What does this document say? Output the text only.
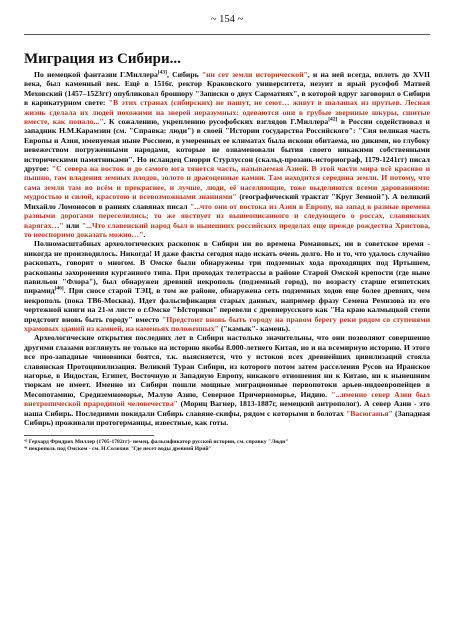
~ 154 ~
Миграция из Сибири...

По немецкой фантазии Г.Миллера[43], Сибирь "ни сет земли исторической", и на ней всегда, вплоть до XVII века, был каменный век. Ещё в 1516г. ректор Краковского университета, иезуит и ярый русофоб Матвей Меховский (1457–1523гг) опубликовал брошюру "Записки о двух Сарматиях", в которой вдруг заговорил о Сибири в карикатурном свете: "В этих странах (сибирских) не пашут, не сеют… живут в шалашах из прутьев. Лесная жизнь сделала их людей похожими на зверей неразумных: одеваются они в грубые звериные шкуры, сшитые вместе, как попало...". К сожалению, укреплению русофобских взглядов Г.Миллера[42] в России содействовал и западник Н.М.Карамзин (см. "Справка: люди") в своей "Истории государства Российского": "Сия великая часть Европы и Азии, именуемая ныне Россиею, в умеренных ее климатах была искони обитаема, но дикими, но глубоку невежеством погруженными народами, которые не ознаменовали бытия своего никакими собственными историческими памятниками". Но исландец Снорри Стурлуссон (скальд-прозаик-историограф, 1179-1241гг) писал другое: "С севера на восток и до самого юга тянется часть, называемая Азией. В этой части мира всё красиво и пышно, там владения земных плодов, золото и драгоценные камни. Там находится середина земли. И потому, что сама земля там во всём и прекраснее, и лучше, люди, её населяющие, тоже выделяются всеми дарованиями: мудростью и силой, красотою и всевозможными знаниями" (географический трактат "Круг Земной"). А великий Михайло Ломоносов в раннях славянах писал "...что они от востока из Азии в Европу, на запад в разные времена разными дорогами переселились; то же явствует из вышеописанного и следующего о россах, славянских варягах…" или "...Что славенский народ был в нынешних российских пределах еще прежде рождества Христова, то неоспоримо доказать можно…".

Полномасштабных археологических раскопок в Сибири ни во времена Романовых, ни в советское время - никогда не производилось. Никогда! И даже факты сегодня надо искать очень долго. Но и то, что удалось случайно раскопать, говорит о многом. В Омске были обнаружены три подземных хода проходящих под Иртышем, раскопаны захоронения курганного типа. При проходах телетрассы в районе Старой Омской крепости (где ныне павильон "Флора"), был обнаружен древний некрополь (подземный город), по возрасту старше египетских пирамид[46]. При сносе старой ТЭЦ, в том же районе, обнаружена сеть подземных ходов еще более древних, чем некрополь (пока ТВ6-Москва). Идет фальсификация старых данных, например фразу Семена Ремизова из его чертежной книги на 21-м листе о г.Омске "Ысторики" перевели с древнерусского как "На краю калмыцкой степи предстоит вновь быть городу" вместо "Предстоит вновь быть городу на правом берегу реки рядом со ступенями храмовых зданий из камней, на каменьях положенных" ("камык"- камень).

Археологические открытия последних лет в Сибири настолько значительны, что они позволяют совершенно другими глазами взглянуть не только на историю якобы 8.000-летнего Китая, но и на всемирную историю. И этого все про-западные чиновники боятся, т.к. выясняется, что у истоков всех древнейших цивилизаций стояла славянская Протоцивилизация. Великий Туран Сибири, из которого потом затем расселения Русов на Иранское нагорье, в Индостан, Египет, Восточную и Западную Европу, никакого отношения ни к Китаю, ни к нынешним тюркам не имеет. Именно из Сибири пошли мощные миграционные первопотоки арьев-индоевропейцев в Месопотамию, Средиземноморье, Малую Азию, Северное Причерноморье, Индию. "...именно север Азии был внетропической прародиной человечества" (Мориц Вагнер, 1813-1887г, немецкий антрополог). А север Азии - это наша Сибирь. Последними покидали Сибирь славяне-скифы, рядом с которыми в болотах "Васюганья" (Западная Сибирь) проживали протогерманцы, известные, как готы.

⁴² Герхард Фридрих Миллер (1705-1782гг)- немец, фальсификатор русской истории, см. справку "Люди"
⁴⁶ некрополь под Омском - см. Н.Солохин "Где несет воды древний Ирий"
